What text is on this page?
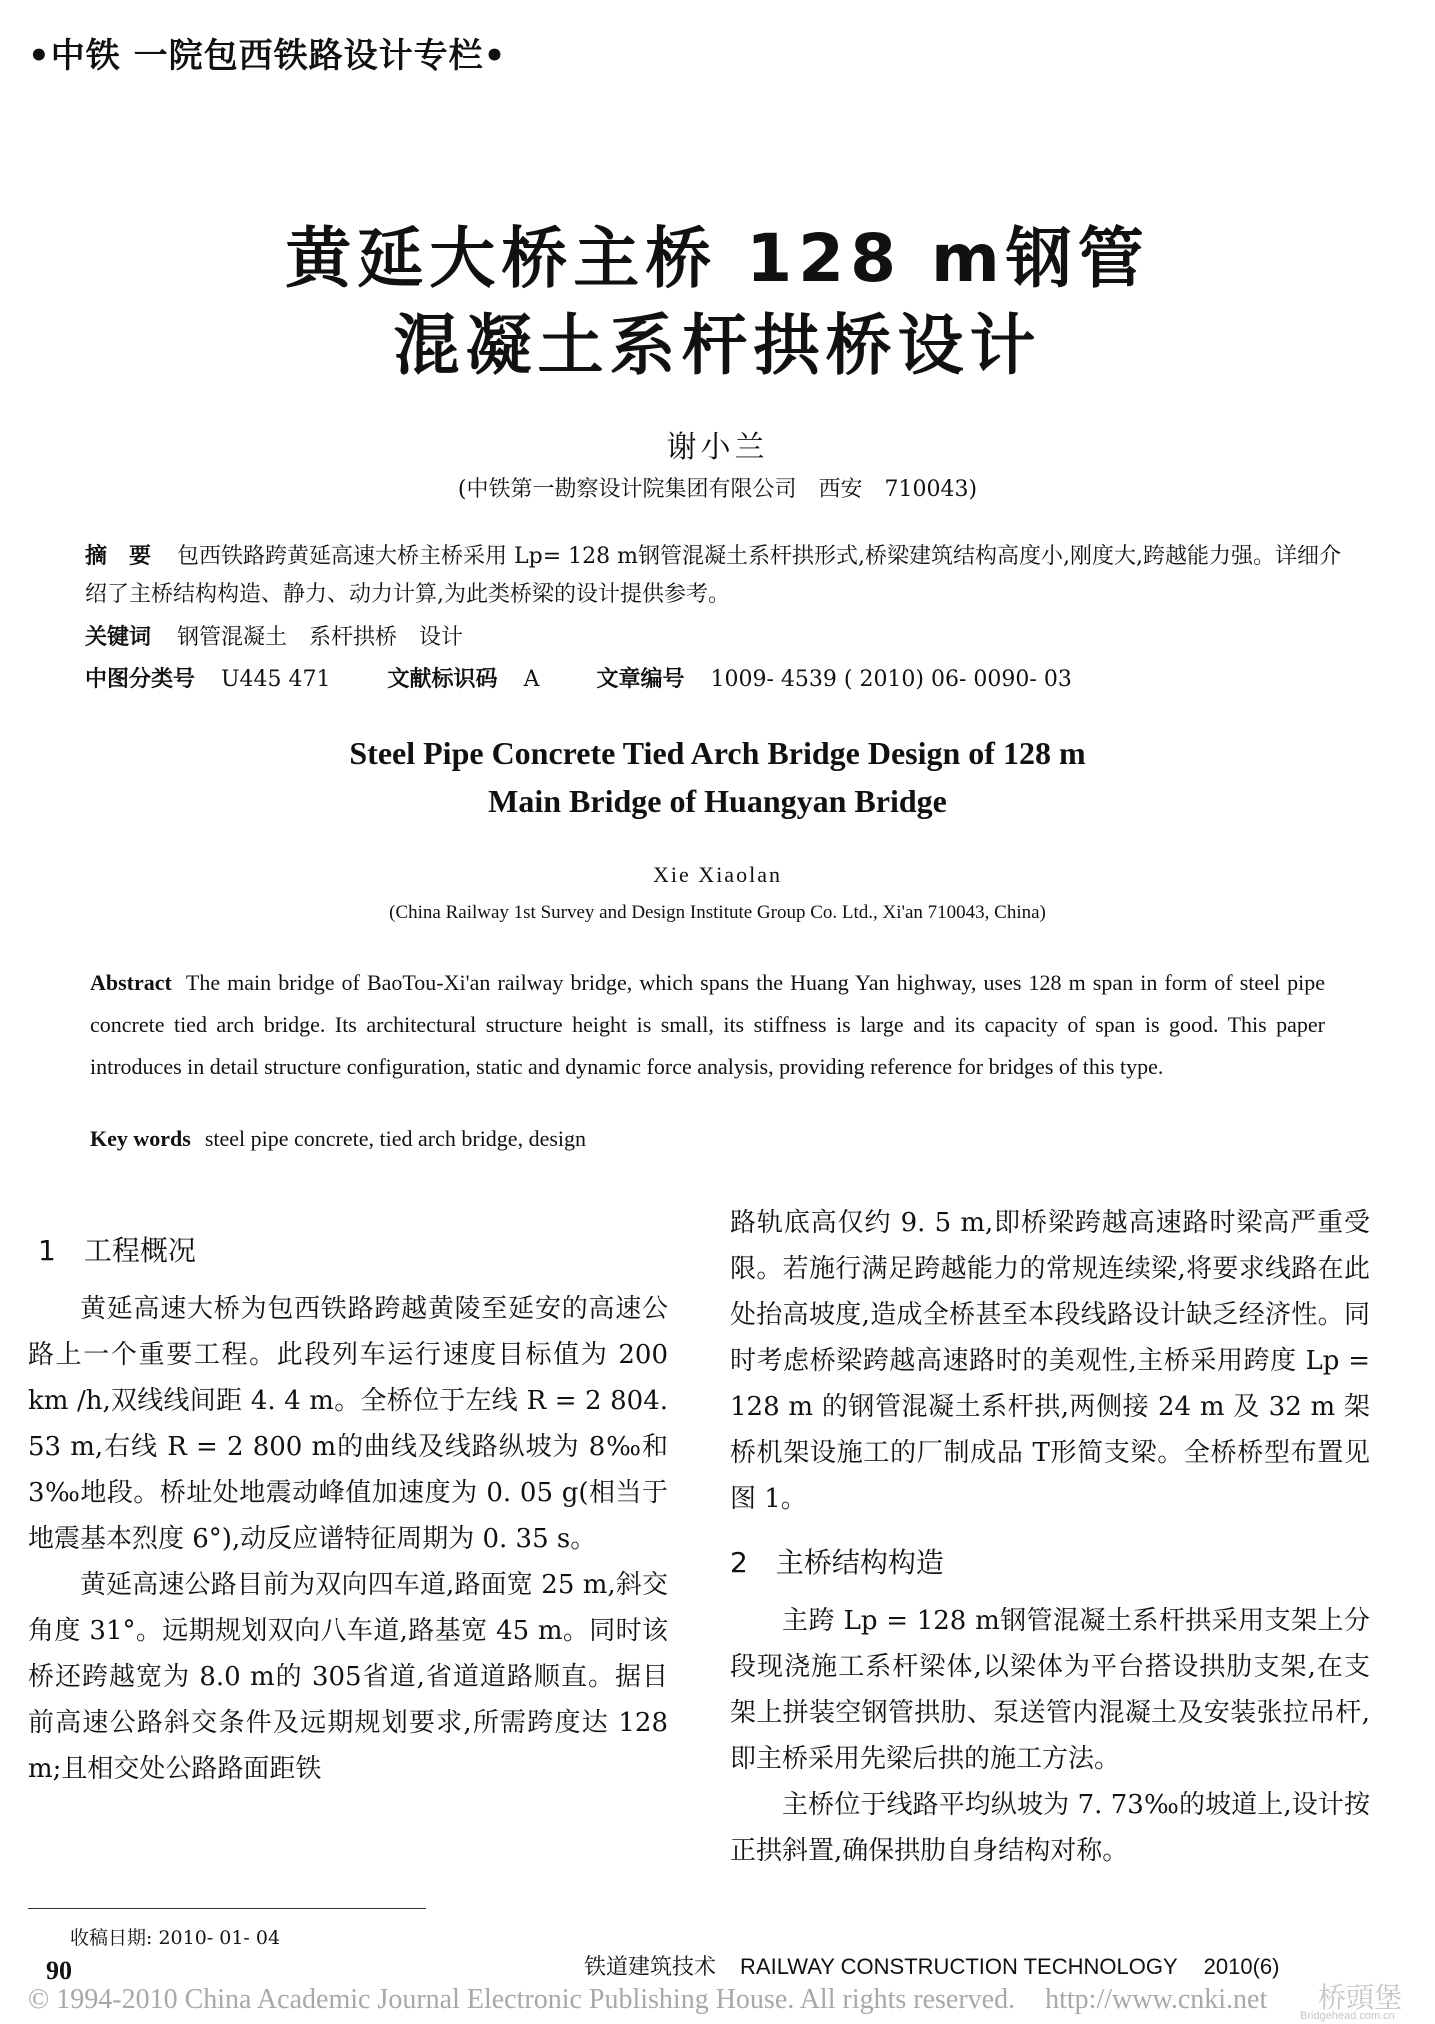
•中铁 一院包西铁路设计专栏•
黄延大桥主桥 128 m钢管
混凝土系杆拱桥设计
谢小兰
(中铁第一勘察设计院集团有限公司　西安　710043)
摘　要 包西铁路跨黄延高速大桥主桥采用 Lp= 128 m钢管混凝土系杆拱形式,桥梁建筑结构高度小,刚度大,跨越能力强。详细介绍了主桥结构构造、静力、动力计算,为此类桥梁的设计提供参考。
关键词 钢管混凝土　系杆拱桥　设计
中图分类号 U445 471	文献标识码 A	文章编号 1009- 4539 ( 2010) 06- 0090- 03
Steel Pipe Concrete Tied Arch Bridge Design of 128 m
Main Bridge of Huangyan Bridge
Xie Xiaolan
(China Railway 1st Survey and Design Institute Group Co. Ltd., Xi'an 710043, China)
Abstract The main bridge of BaoTou-Xi'an railway bridge, which spans the Huang Yan highway, uses 128 m span in form of steel pipe concrete tied arch bridge. Its architectural structure height is small, its stiffness is large and its capacity of span is good. This paper introduces in detail structure configuration, static and dynamic force analysis, providing reference for bridges of this type.
Key words steel pipe concrete, tied arch bridge, design
1　工程概况

黄延高速大桥为包西铁路跨越黄陵至延安的高速公路上一个重要工程。此段列车运行速度目标值为 200 km /h,双线线间距 4. 4 m。全桥位于左线 R = 2 804. 53 m,右线 R = 2 800 m的曲线及线路纵坡为 8‰和 3‰地段。桥址处地震动峰值加速度为 0. 05 g(相当于地震基本烈度 6°),动反应谱特征周期为 0. 35 s。

黄延高速公路目前为双向四车道,路面宽 25 m,斜交角度 31°。远期规划双向八车道,路基宽 45 m。同时该桥还跨越宽为 8.0 m的 305省道,省道道路顺直。据目前高速公路斜交条件及远期规划要求,所需跨度达 128 m;且相交处公路路面距铁

路轨底高仅约 9. 5 m,即桥梁跨越高速路时梁高严重受限。若施行满足跨越能力的常规连续梁,将要求线路在此处抬高坡度,造成全桥甚至本段线路设计缺乏经济性。同时考虑桥梁跨越高速路时的美观性,主桥采用跨度 Lp = 128 m 的钢管混凝土系杆拱,两侧接 24 m 及 32 m 架桥机架设施工的厂制成品 T形简支梁。全桥桥型布置见图 1。

2　主桥结构构造

主跨 Lp = 128 m钢管混凝土系杆拱采用支架上分段现浇施工系杆梁体,以梁体为平台搭设拱肋支架,在支架上拼装空钢管拱肋、泵送管内混凝土及安装张拉吊杆,即主桥采用先梁后拱的施工方法。

主桥位于线路平均纵坡为 7. 73‰的坡道上,设计按正拱斜置,确保拱肋自身结构对称。

收稿日期: 2010- 01- 04
90	铁道建筑技术 RAILWAY CONSTRUCTION TECHNOLOGY 2010(6)
© 1994-2010 China Academic Journal Electronic Publishing House. All rights reserved. http://www.cnki.net 桥頭堡
Bridgehead.com.cn
